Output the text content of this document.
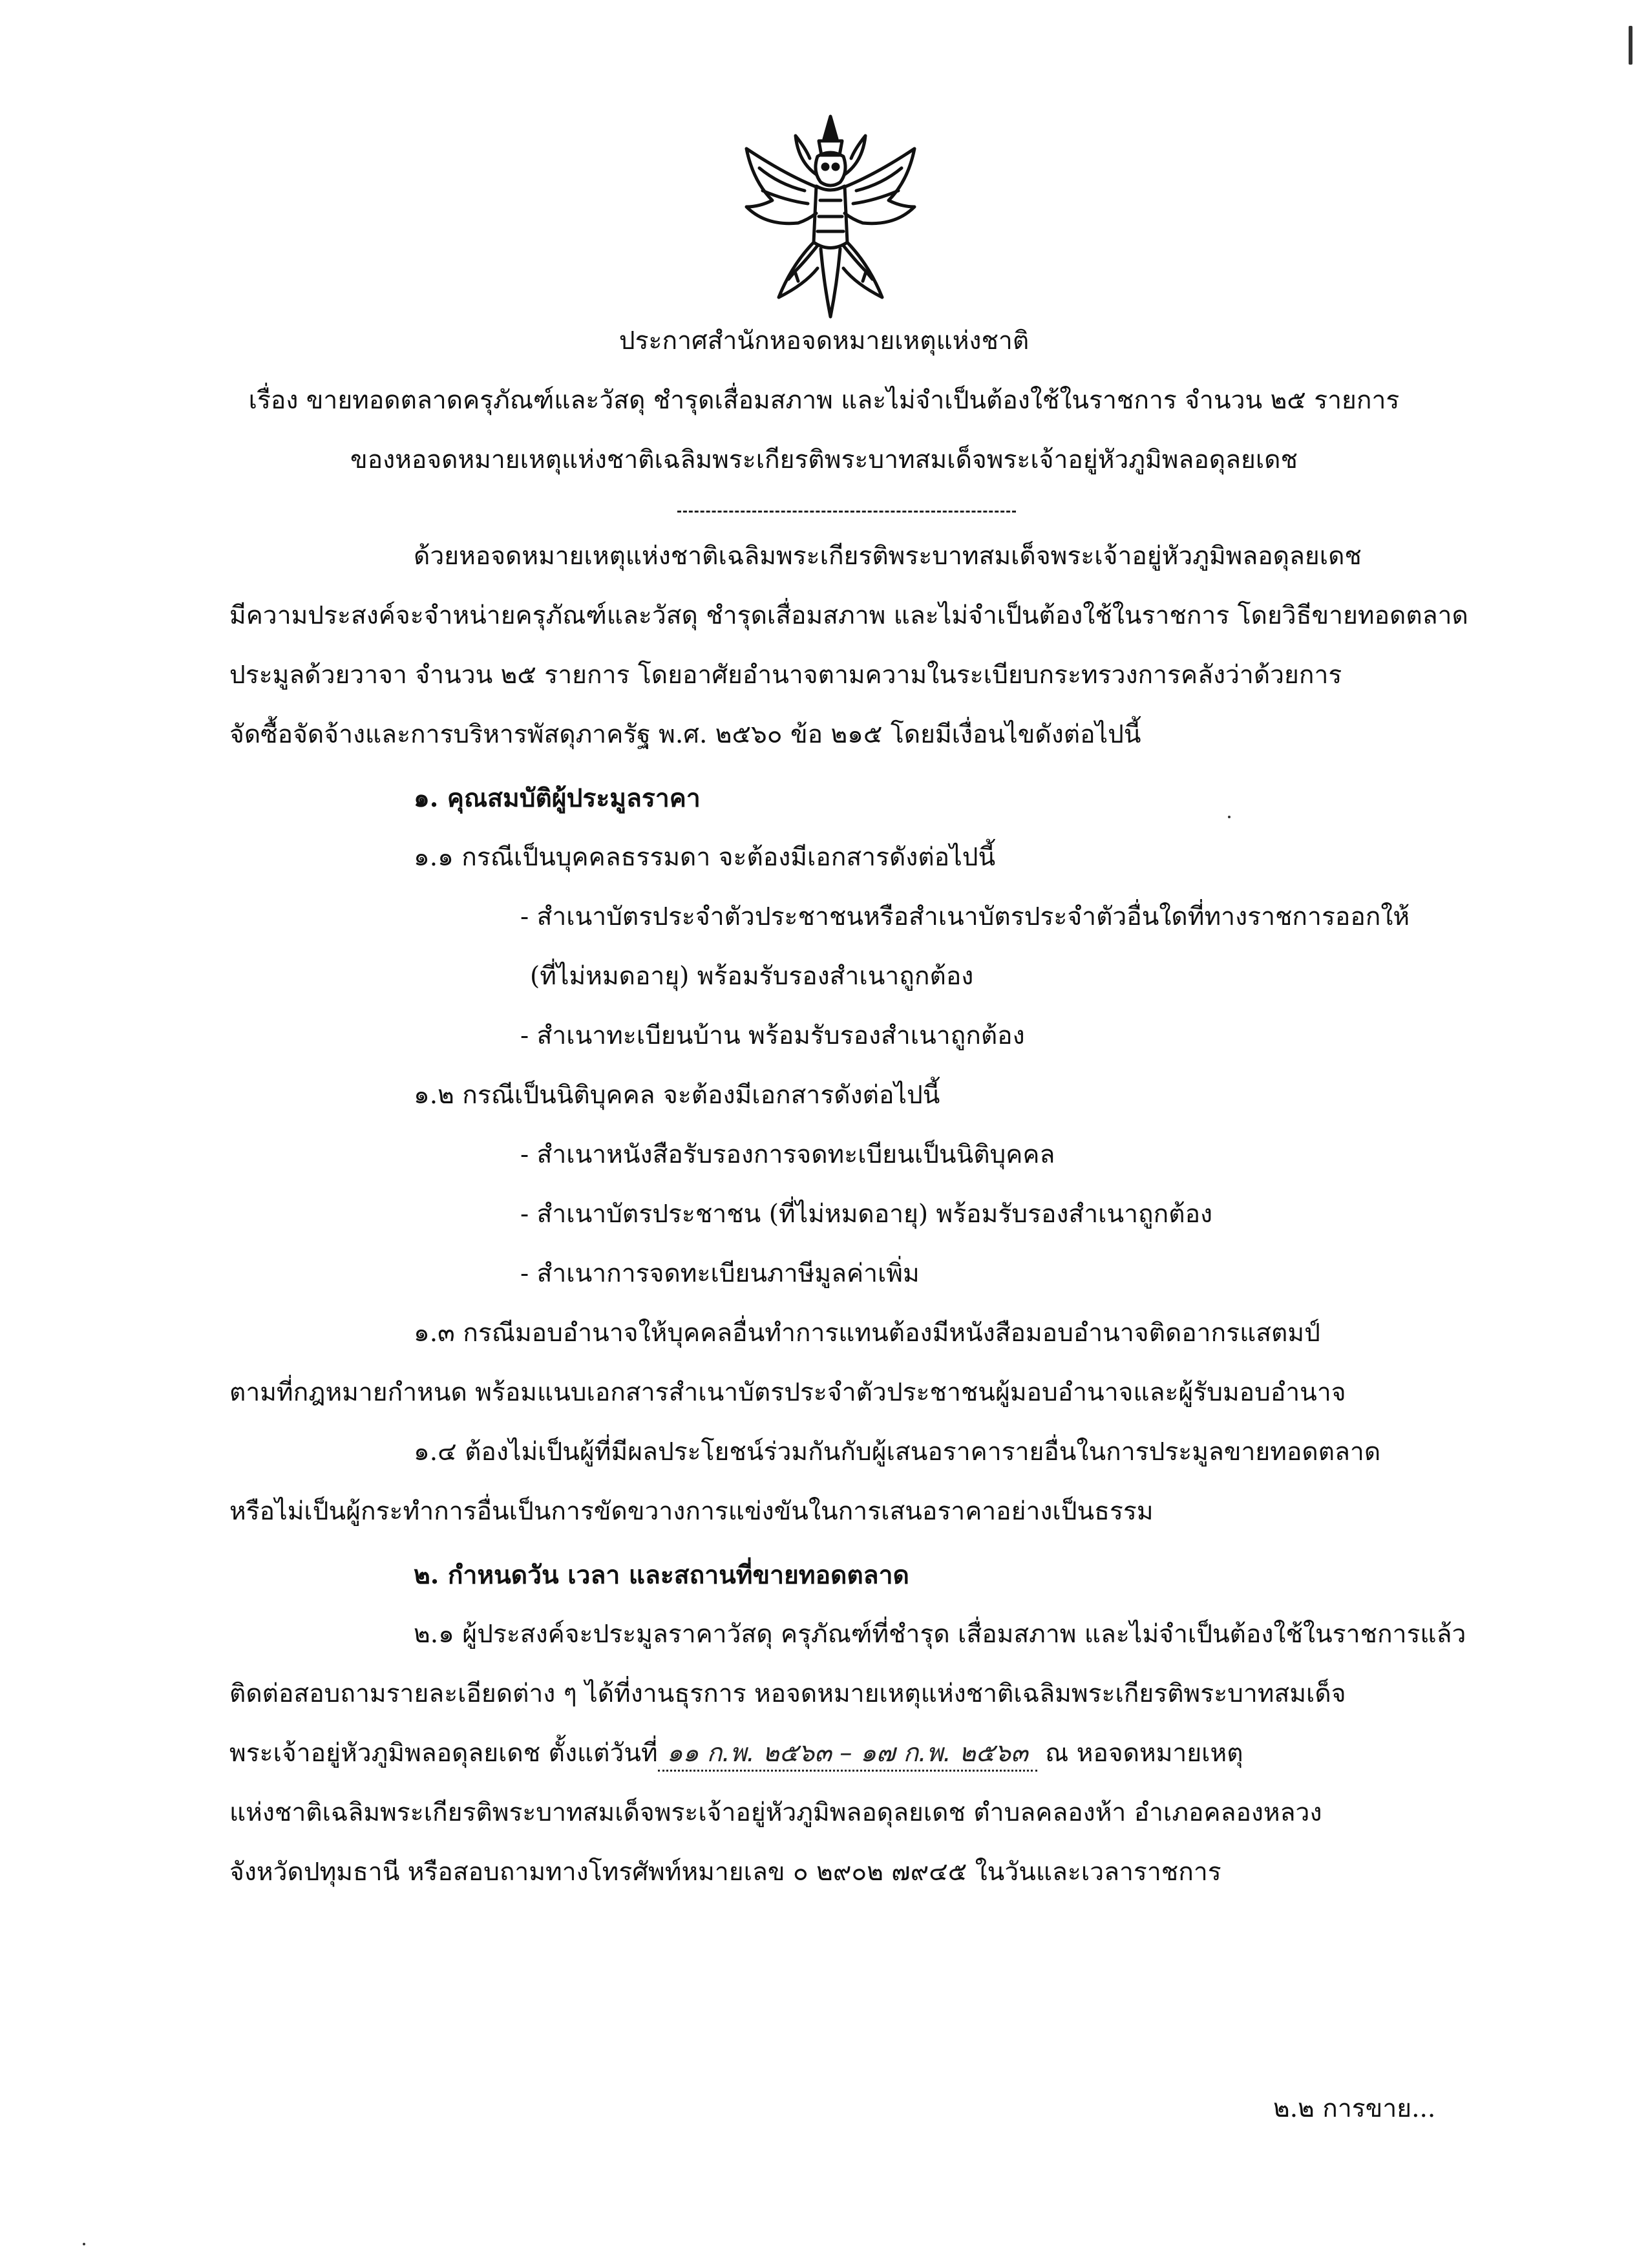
ประกาศสำนักหอจดหมายเหตุแห่งชาติ
เรื่อง ขายทอดตลาดครุภัณฑ์และวัสดุ ชำรุดเสื่อมสภาพ และไม่จำเป็นต้องใช้ในราชการ จำนวน ๒๕ รายการ
ของหอจดหมายเหตุแห่งชาติเฉลิมพระเกียรติพระบาทสมเด็จพระเจ้าอยู่หัวภูมิพลอดุลยเดช
ด้วยหอจดหมายเหตุแห่งชาติเฉลิมพระเกียรติพระบาทสมเด็จพระเจ้าอยู่หัวภูมิพลอดุลยเดช
มีความประสงค์จะจำหน่ายครุภัณฑ์และวัสดุ ชำรุดเสื่อมสภาพ และไม่จำเป็นต้องใช้ในราชการ โดยวิธีขายทอดตลาด
ประมูลด้วยวาจา จำนวน ๒๕ รายการ โดยอาศัยอำนาจตามความในระเบียบกระทรวงการคลังว่าด้วยการ
จัดซื้อจัดจ้างและการบริหารพัสดุภาครัฐ พ.ศ. ๒๕๖๐ ข้อ ๒๑๕ โดยมีเงื่อนไขดังต่อไปนี้
๑. คุณสมบัติผู้ประมูลราคา
๑.๑ กรณีเป็นบุคคลธรรมดา จะต้องมีเอกสารดังต่อไปนี้
- สำเนาบัตรประจำตัวประชาชนหรือสำเนาบัตรประจำตัวอื่นใดที่ทางราชการออกให้
(ที่ไม่หมดอายุ) พร้อมรับรองสำเนาถูกต้อง
- สำเนาทะเบียนบ้าน พร้อมรับรองสำเนาถูกต้อง
๑.๒ กรณีเป็นนิติบุคคล จะต้องมีเอกสารดังต่อไปนี้
- สำเนาหนังสือรับรองการจดทะเบียนเป็นนิติบุคคล
- สำเนาบัตรประชาชน (ที่ไม่หมดอายุ) พร้อมรับรองสำเนาถูกต้อง
- สำเนาการจดทะเบียนภาษีมูลค่าเพิ่ม
๑.๓ กรณีมอบอำนาจให้บุคคลอื่นทำการแทนต้องมีหนังสือมอบอำนาจติดอากรแสตมป์
ตามที่กฎหมายกำหนด พร้อมแนบเอกสารสำเนาบัตรประจำตัวประชาชนผู้มอบอำนาจและผู้รับมอบอำนาจ
๑.๔ ต้องไม่เป็นผู้ที่มีผลประโยชน์ร่วมกันกับผู้เสนอราคารายอื่นในการประมูลขายทอดตลาด
หรือไม่เป็นผู้กระทำการอื่นเป็นการขัดขวางการแข่งขันในการเสนอราคาอย่างเป็นธรรม
๒. กำหนดวัน เวลา และสถานที่ขายทอดตลาด
๒.๑ ผู้ประสงค์จะประมูลราคาวัสดุ ครุภัณฑ์ที่ชำรุด เสื่อมสภาพ และไม่จำเป็นต้องใช้ในราชการแล้ว
ติดต่อสอบถามรายละเอียดต่าง ๆ ได้ที่งานธุรการ หอจดหมายเหตุแห่งชาติเฉลิมพระเกียรติพระบาทสมเด็จ
พระเจ้าอยู่หัวภูมิพลอดุลยเดช ตั้งแต่วันที่ ๑๑ ก.พ. ๒๕๖๓ – ๑๗ ก.พ. ๒๕๖๓ ณ หอจดหมายเหตุ
แห่งชาติเฉลิมพระเกียรติพระบาทสมเด็จพระเจ้าอยู่หัวภูมิพลอดุลยเดช ตำบลคลองห้า อำเภอคลองหลวง
จังหวัดปทุมธานี หรือสอบถามทางโทรศัพท์หมายเลข ๐ ๒๙๐๒ ๗๙๔๕ ในวันและเวลาราชการ
๒.๒ การขาย...
